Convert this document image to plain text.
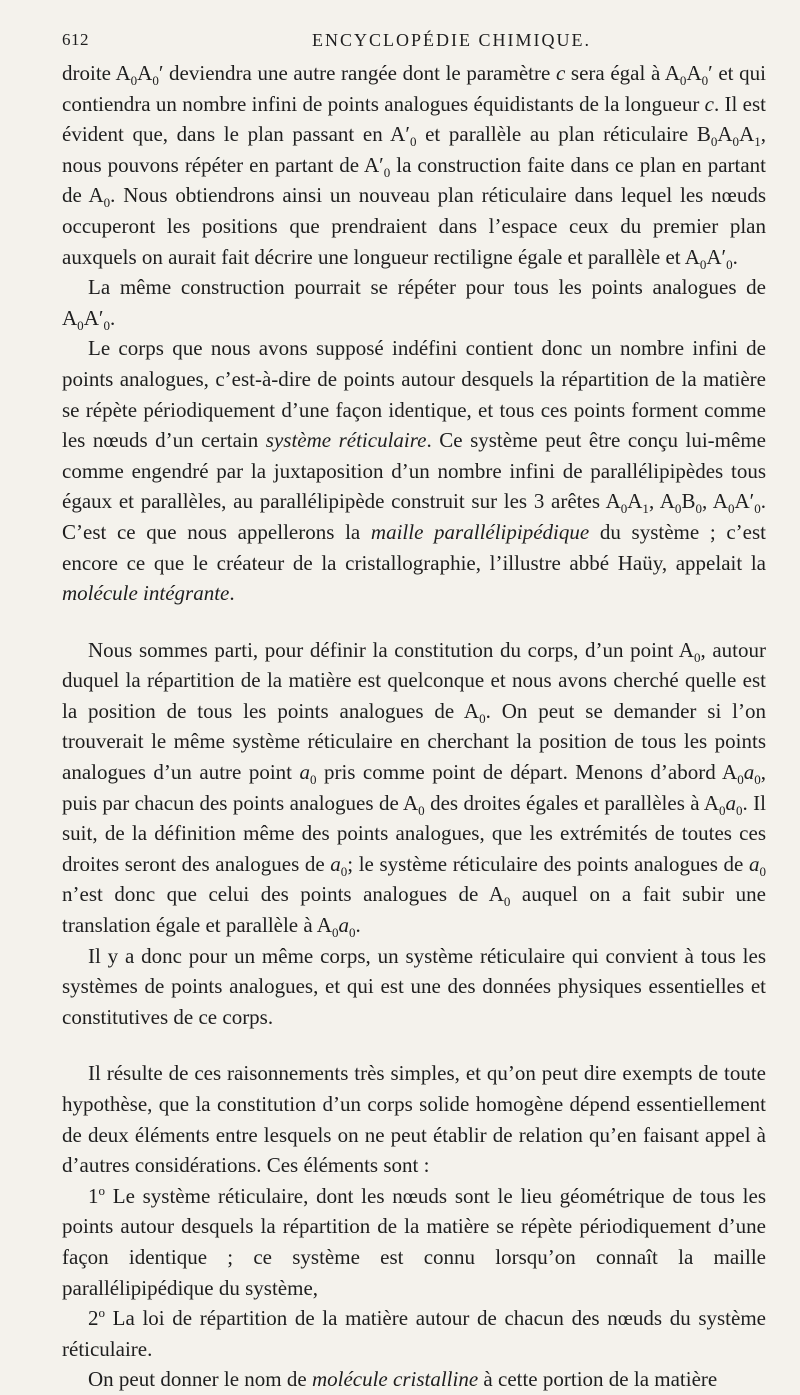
612	ENCYCLOPÉDIE CHIMIQUE.

droite $A_0A_0'$ deviendra une autre rangée dont le paramètre c sera égal à $A_0A_0'$ et qui contiendra un nombre infini de points analogues équidistants de la longueur c. Il est évident que, dans le plan passant en $A'_0$ et parallèle au plan réticulaire $B_0A_0A_1$, nous pouvons répéter en partant de $A'_0$ la construction faite dans ce plan en partant de $A_0$. Nous obtiendrons ainsi un nouveau plan réticulaire dans lequel les nœuds occuperont les positions que prendraient dans l’espace ceux du premier plan auxquels on aurait fait décrire une longueur rectiligne égale et parallèle et $A_0A'_0$.

La même construction pourrait se répéter pour tous les points analogues de $A_0A'_0$.

Le corps que nous avons supposé indéfini contient donc un nombre infini de points analogues, c’est-à-dire de points autour desquels la répartition de la matière se répète périodiquement d’une façon identique, et tous ces points forment comme les nœuds d’un certain système réticulaire. Ce système peut être conçu lui-même comme engendré par la juxtaposition d’un nombre infini de parallélipipèdes tous égaux et parallèles, au parallélipipède construit sur les 3 arêtes $A_0A_1$, $A_0B_0$, $A_0A'_0$. C’est ce que nous appellerons la maille parallélipipédique du système ; c’est encore ce que le créateur de la cristallographie, l’illustre abbé Haüy, appelait la molécule intégrante.

Nous sommes parti, pour définir la constitution du corps, d’un point $A_0$, autour duquel la répartition de la matière est quelconque et nous avons cherché quelle est la position de tous les points analogues de $A_0$. On peut se demander si l’on trouverait le même système réticulaire en cherchant la position de tous les points analogues d’un autre point $a_0$ pris comme point de départ. Menons d’abord $A_0a_0$, puis par chacun des points analogues de $A_0$ des droites égales et parallèles à $A_0a_0$. Il suit, de la définition même des points analogues, que les extrémités de toutes ces droites seront des analogues de $a_0$; le système réticulaire des points analogues de $a_0$ n’est donc que celui des points analogues de $A_0$ auquel on a fait subir une translation égale et parallèle à $A_0a_0$.

Il y a donc pour un même corps, un système réticulaire qui convient à tous les systèmes de points analogues, et qui est une des données physiques essentielles et constitutives de ce corps.

Il résulte de ces raisonnements très simples, et qu’on peut dire exempts de toute hypothèse, que la constitution d’un corps solide homogène dépend essentiellement de deux éléments entre lesquels on ne peut établir de relation qu’en faisant appel à d’autres considérations. Ces éléments sont :

1$^o$ Le système réticulaire, dont les nœuds sont le lieu géométrique de tous les points autour desquels la répartition de la matière se répète périodiquement d’une façon identique ; ce système est connu lorsqu’on connaît la maille parallélipipédique du système,

2$^o$ La loi de répartition de la matière autour de chacun des nœuds du système réticulaire.

On peut donner le nom de molécule cristalline à cette portion de la matière
